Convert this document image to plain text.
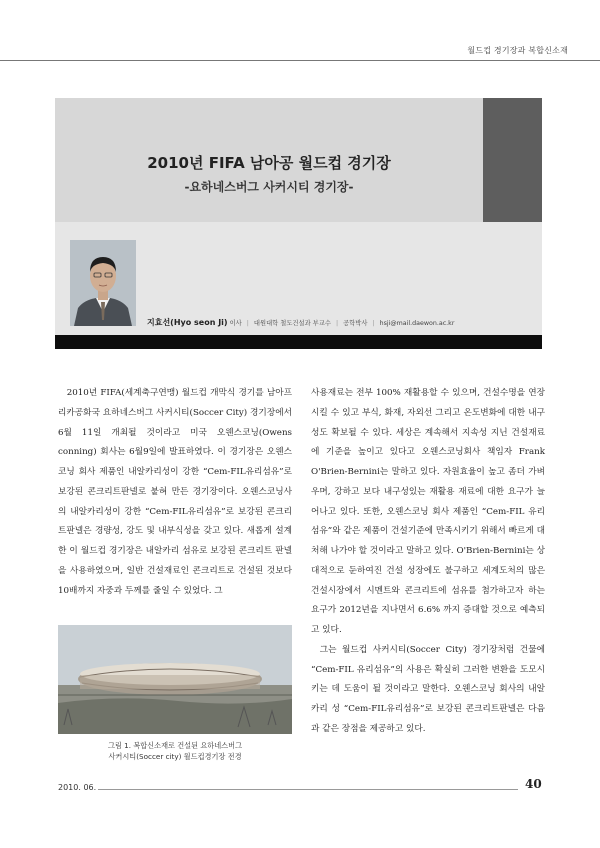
월드컵 경기장과 복합신소재
2010년 FIFA 남아공 월드컵 경기장
-요하네스버그 사커시티 경기장-
지효선(Hyo seon Ji) 이사 | 대원대학 철도건설과 부교수 | 공학박사 | hsji@mail.daewon.ac.kr

2010년 FIFA(세계축구연맹) 월드컵 개막식 경기를 남아프리카공화국 요하네스버그 사커시티(Soccer City) 경기장에서 6월 11일 개최될 것이라고 미국 오웬스코닝(Owens conning) 회사는 6월9일에 발표하였다. 이 경기장은 오웬스코닝 회사 제품인 내알카리성이 강한 “Cem-FIL유리섬유”로 보강된 콘크리트판넬로 붙혀 만든 경기장이다. 오웬스코닝사의 내알카리성이 강한 “Cem-FIL유리섬유”로 보강된 콘크리트판넬은 경량성, 강도 및 내부식성을 갖고 있다. 새롭게 설계한 이 월드컵 경기장은 내알카리 섬유로 보강된 콘크리트 판넬을 사용하였으며, 일반 건설재료인 콘크리트로 건설된 것보다 10배까지 자중과 두께를 줄일 수 있었다. 그

그림 1. 복합신소재로 건설된 요하네스버그
사커시티(Soccer city) 월드컵경기장 전경

사용재료는 전부 100% 재활용할 수 있으며, 건설수명을 연장시킬 수 있고 부식, 화재, 자외선 그리고 온도변화에 대한 내구성도 확보될 수 있다. 세상은 계속해서 지속성 지닌 건설재료에 기준을 높이고 있다고 오웬스코닝회사 책임자 Frank O'Brien-Bernini는 말하고 있다. 자원효율이 높고 좀더 가벼우며, 강하고 보다 내구성있는 재활용 재료에 대한 요구가 늘어나고 있다. 또한, 오웬스코닝 회사 제품인 “Cem-FIL 유리섬유”와 같은 제품이 건설기준에 만족시키기 위해서 빠르게 대처해 나가야 할 것이라고 말하고 있다. O'Brien-Bernini는 상대적으로 둔하여진 건설 성장에도 불구하고 세계도처의 많은 건설시장에서 시멘트와 콘크리트에 섬유를 첨가하고자 하는 요구가 2012년을 지나면서 6.6% 까지 증대할 것으로 예측되고 있다.

그는 월드컵 사커시티(Soccer City) 경기장처럼 건물에 “Cem-FIL 유리섬유”의 사용은 확실히 그러한 변환을 도모시키는 데 도움이 될 것이라고 말한다. 오웬스코닝 회사의 내알카리 성 “Cem-FIL유리섬유”로 보강된 콘크리트판넬은 다음과 같은 장점을 제공하고 있다.

2010. 06.	40
